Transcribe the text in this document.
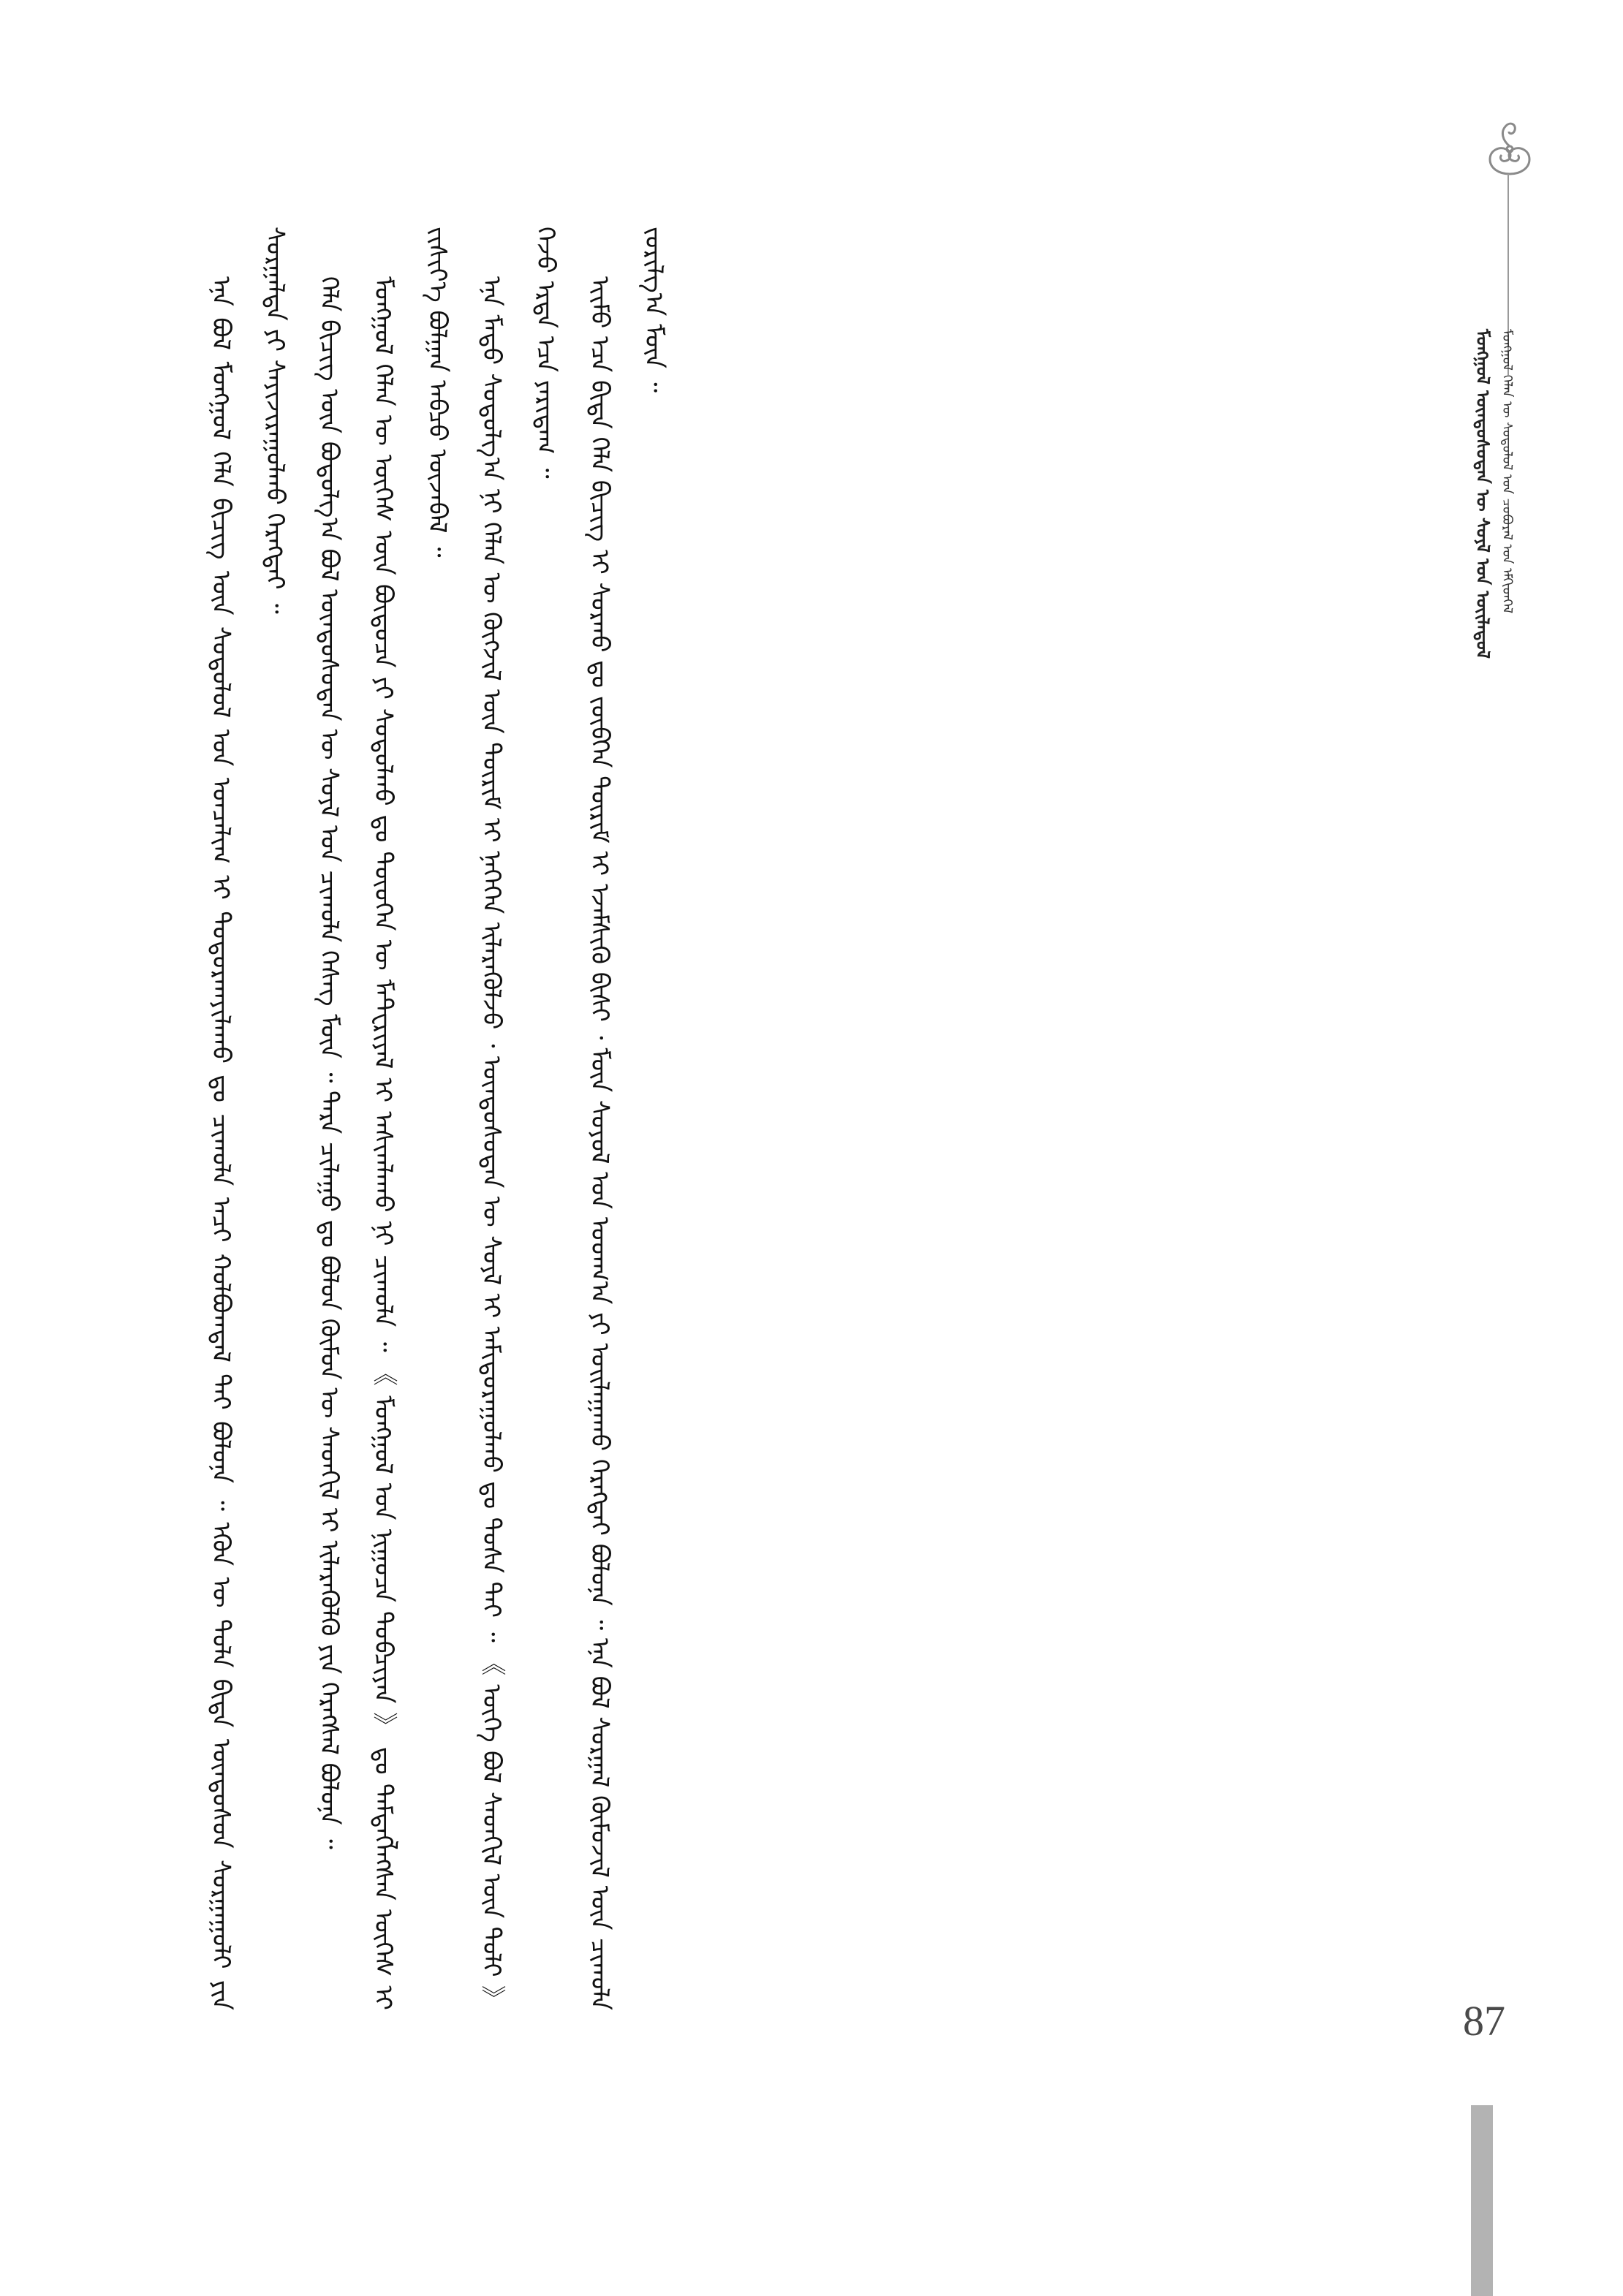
ᠮᠣᠩᠭᠣᠯ ᠦᠨᠳᠦᠰᠦᠲᠡᠨ ᠦ ᠰᠤᠶᠯ ᠤᠨ ᠦᠢᠯᠡᠳᠦᠯ ᠮᠣᠩᠭᠣᠯ ᠬᠡᠯᠡᠨ ᠦ ᠰᠤᠳᠤᠯᠤᠯ ᠤᠨ ᠴᠤᠪᠤᠷᠠᠯ ᠤᠨ ᠡᠮᠬᠢᠳᠬᠡᠯ

ᠡᠨᠡ ᠪᠣᠯ ᠮᠣᠩᠭᠣᠯ ᠬᠡᠯᠡ ᠪᠢᠴᠢᠭ ᠦᠨ ᠰᠤᠳᠤᠯᠤᠯ ᠤᠨ ᠣᠨᠴᠠᠯᠢᠭ ᠢ ᠲᠣᠳᠤᠷᠬᠠᠶᠢᠯᠠᠬᠤ ᠳᠤ ᠴᠢᠬᠤᠯᠠ ᠠᠴᠢ ᠬᠣᠯᠪᠣᠭᠳᠠᠯ ᠲᠠᠢ ᠪᠣᠯᠤᠨᠠ ᠃ ᠡᠭᠦᠨ ᠦ ᠲᠤᠯᠠ ᠪᠢᠳᠡ ᠦᠨᠳᠦᠰᠦᠨ ᠰᠤᠷᠭᠠᠭᠤᠯᠢ ᠶᠢᠨ ᠰᠤᠷᠭᠠᠯᠲᠠ ᠶᠢ ᠰᠠᠶᠢᠵᠢᠷᠠᠭᠤᠯᠬᠤ ᠬᠡᠷᠡᠭᠲᠡᠢ ᠃	ᠬᠡᠯᠡ ᠪᠢᠴᠢᠭ ᠦᠨ ᠪᠣᠳᠣᠯᠭ᠎ᠠ ᠪᠣᠯ ᠦᠨᠳᠦᠰᠦᠲᠡᠨ ᠦ ᠰᠤᠶᠯ ᠤᠨ ᠴᠢᠬᠤᠯᠠ ᠬᠡᠰᠡᠭ ᠮᠥᠨ ᠃ ᠲᠡᠷᠡ ᠴᠢᠯᠠᠭᠤ ᠳᠤ ᠪᠣᠯᠤᠨ ᠬᠦᠮᠦᠨ ᠦ ᠰᠡᠳᠬᠢᠯ ᠢ ᠢᠯᠡᠷᠡᠭᠦᠯᠬᠦ ᠶᠢᠨ ᠬᠡᠷᠡᠭᠰᠡᠯ ᠪᠣᠯᠤᠨᠠ ᠃	ᠮᠣᠩᠭᠣᠯ ᠬᠡᠯᠡᠨ ᠦ ᠦᠭᠡᠰ ᠦᠨ ᠪᠦᠲᠦᠴᠡ ᠶᠢ ᠰᠤᠳᠤᠯᠬᠤ ᠳᠤ ᠲᠦᠦᠬᠡᠨ ᠦ ᠮᠠᠲ᠋ᠧᠷᠢᠶᠠᠯ ᠢ ᠠᠰᠢᠭᠯᠠᠬᠤ ᠨᠢ ᠴᠢᠬᠤᠯᠠ ᠃ 《 ᠮᠣᠩᠭᠣᠯ ᠤᠨ ᠨᠢᠭᠤᠴᠠ ᠲᠣᠪᠴᠢᠶᠠᠨ 》 ᠳᠤ ᠲᠡᠮᠳᠡᠭᠯᠡᠭᠰᠡᠨ ᠦᠭᠡᠰ ᠢ ᠵᠢᠱᠢᠶ᠎ᠡ ᠪᠣᠯᠭᠠᠨ ᠠᠪᠴᠤ ᠦᠵᠡᠪᠡᠯ ᠃	ᠡᠨᠡ ᠮᠡᠲᠦ ᠰᠤᠳᠤᠯᠭ᠎ᠠ ᠨᠢ ᠬᠡᠯᠡᠨ ᠦ ᠬᠥᠭᠵᠢᠯ ᠦᠨ ᠳᠦᠷᠢᠮ ᠢ ᠨᠡᠭᠡᠭᠡᠨ ᠢᠯᠡᠷᠡᠭᠦᠯᠵᠦ ᠂ ᠦᠨᠳᠦᠰᠦᠲᠡᠨ ᠦ ᠰᠤᠶᠯ ᠢ ᠠᠮᠢᠳᠤᠷᠠᠭᠤᠯᠬᠤ ᠳᠤ ᠲᠤᠰᠠ ᠲᠠᠢ ᠃ 《 ᠦᠭᠡ ᠪᠣᠯ ᠰᠡᠳᠬᠢᠯ ᠦᠨ ᠲᠣᠯᠢ 》 ᠭᠡᠵᠦ ᠡᠷᠲᠡ ᠡᠴᠡ ᠶᠠᠷᠢᠳᠠᠭ ᠃	ᠢᠢᠮᠦ ᠡᠴᠡ ᠪᠢᠳᠡ ᠬᠡᠯᠡ ᠪᠢᠴᠢᠭ ᠢ ᠰᠤᠷᠬᠤ ᠳᠤ ᠵᠥᠪᠬᠡᠨ ᠳᠦᠷᠢᠮ ᠢ ᠡᠵᠡᠮᠰᠢᠬᠦ ᠪᠢᠰᠢ ᠂ ᠮᠥᠨ ᠰᠣᠶᠣᠯ ᠤᠨ ᠤᠳᠬ᠎ᠠ ᠶᠢ ᠣᠢᠯᠠᠭᠠᠬᠤ ᠬᠡᠷᠡᠭᠲᠡᠢ ᠪᠣᠯᠤᠨᠠ ᠃ ᠡᠨᠡ ᠪᠣᠯ ᠰᠤᠷᠭᠠᠯ ᠬᠦᠮᠦᠵᠢᠯ ᠦᠨ ᠴᠢᠬᠤᠯᠠ ᠵᠣᠷᠢᠯᠭ᠎ᠠ ᠮᠥᠨ ᠃

87
